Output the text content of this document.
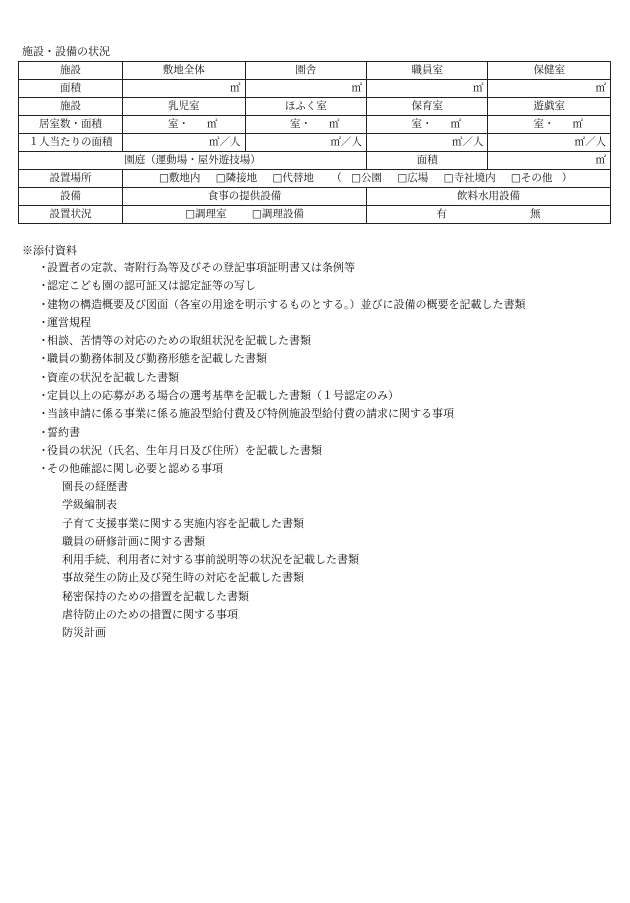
施設・設備の状況
施設	敷地全体	園舎	職員室	保健室
面積	㎡	㎡	㎡	㎡
施設	乳児室	ほふく室	保育室	遊戯室
居室数・面積	室・ ㎡	室・ ㎡	室・ ㎡	室・ ㎡
１人当たりの面積	㎡／人	㎡／人	㎡／人	㎡／人
園庭（運動場・屋外遊技場）			面積	㎡
設置場所	□敷地内 □隣接地 □代替地 （ □公園 □広場 □寺社境内 □その他 ）			
設備	食事の提供設備		飲料水用設備	
設置状況	□調理室 □調理設備		有 無	
※添付資料
・設置者の定款、寄附行為等及びその登記事項証明書又は条例等
・認定こども園の認可証又は認定証等の写し
・建物の構造概要及び図面（各室の用途を明示するものとする。）並びに設備の概要を記載した書類
・運営規程
・相談、苦情等の対応のための取組状況を記載した書類
・職員の勤務体制及び勤務形態を記載した書類
・資産の状況を記載した書類
・定員以上の応募がある場合の選考基準を記載した書類（１号認定のみ）
・当該申請に係る事業に係る施設型給付費及び特例施設型給付費の請求に関する事項
・誓約書
・役員の状況（氏名、生年月日及び住所）を記載した書類
・その他確認に関し必要と認める事項
園長の経歴書
学級編制表
子育て支援事業に関する実施内容を記載した書類
職員の研修計画に関する書類
利用手続、利用者に対する事前説明等の状況を記載した書類
事故発生の防止及び発生時の対応を記載した書類
秘密保持のための措置を記載した書類
虐待防止のための措置に関する事項
防災計画
